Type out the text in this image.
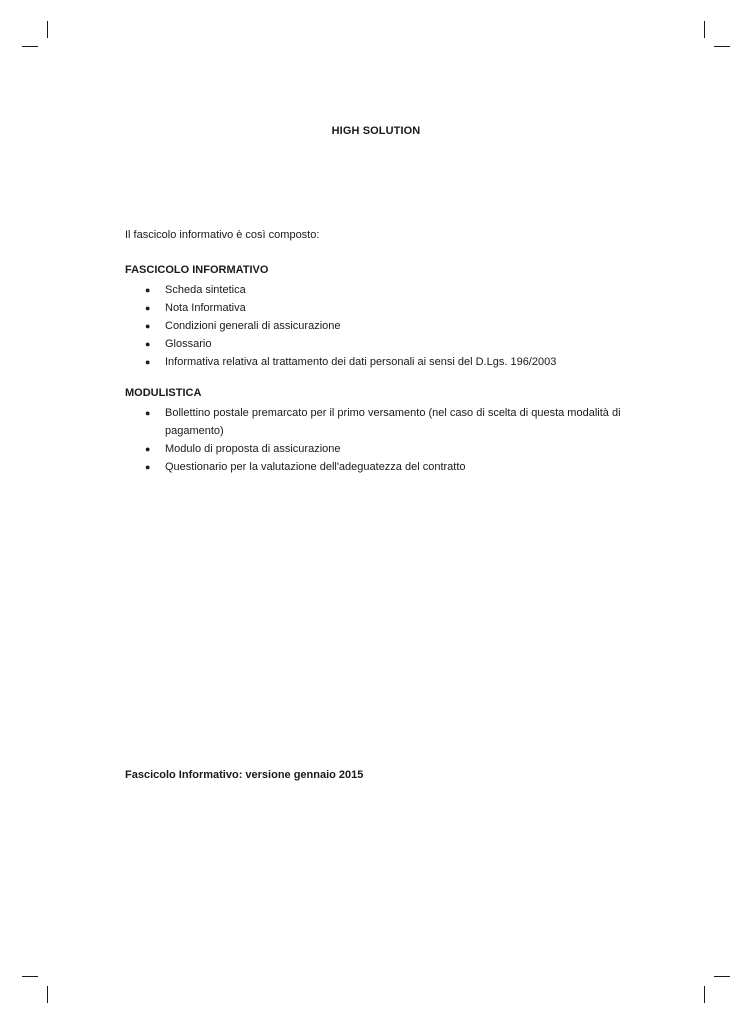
HIGH SOLUTION
Il fascicolo informativo è così composto:

FASCICOLO INFORMATIVO

● Scheda sintetica
● Nota Informativa
● Condizioni generali di assicurazione
● Glossario
● Informativa relativa al trattamento dei dati personali ai sensi del D.Lgs. 196/2003

MODULISTICA

● Bollettino postale premarcato per il primo versamento (nel caso di scelta di questa modalità di pagamento)
● Modulo di proposta di assicurazione
● Questionario per la valutazione dell'adeguatezza del contratto
Fascicolo Informativo: versione gennaio 2015
